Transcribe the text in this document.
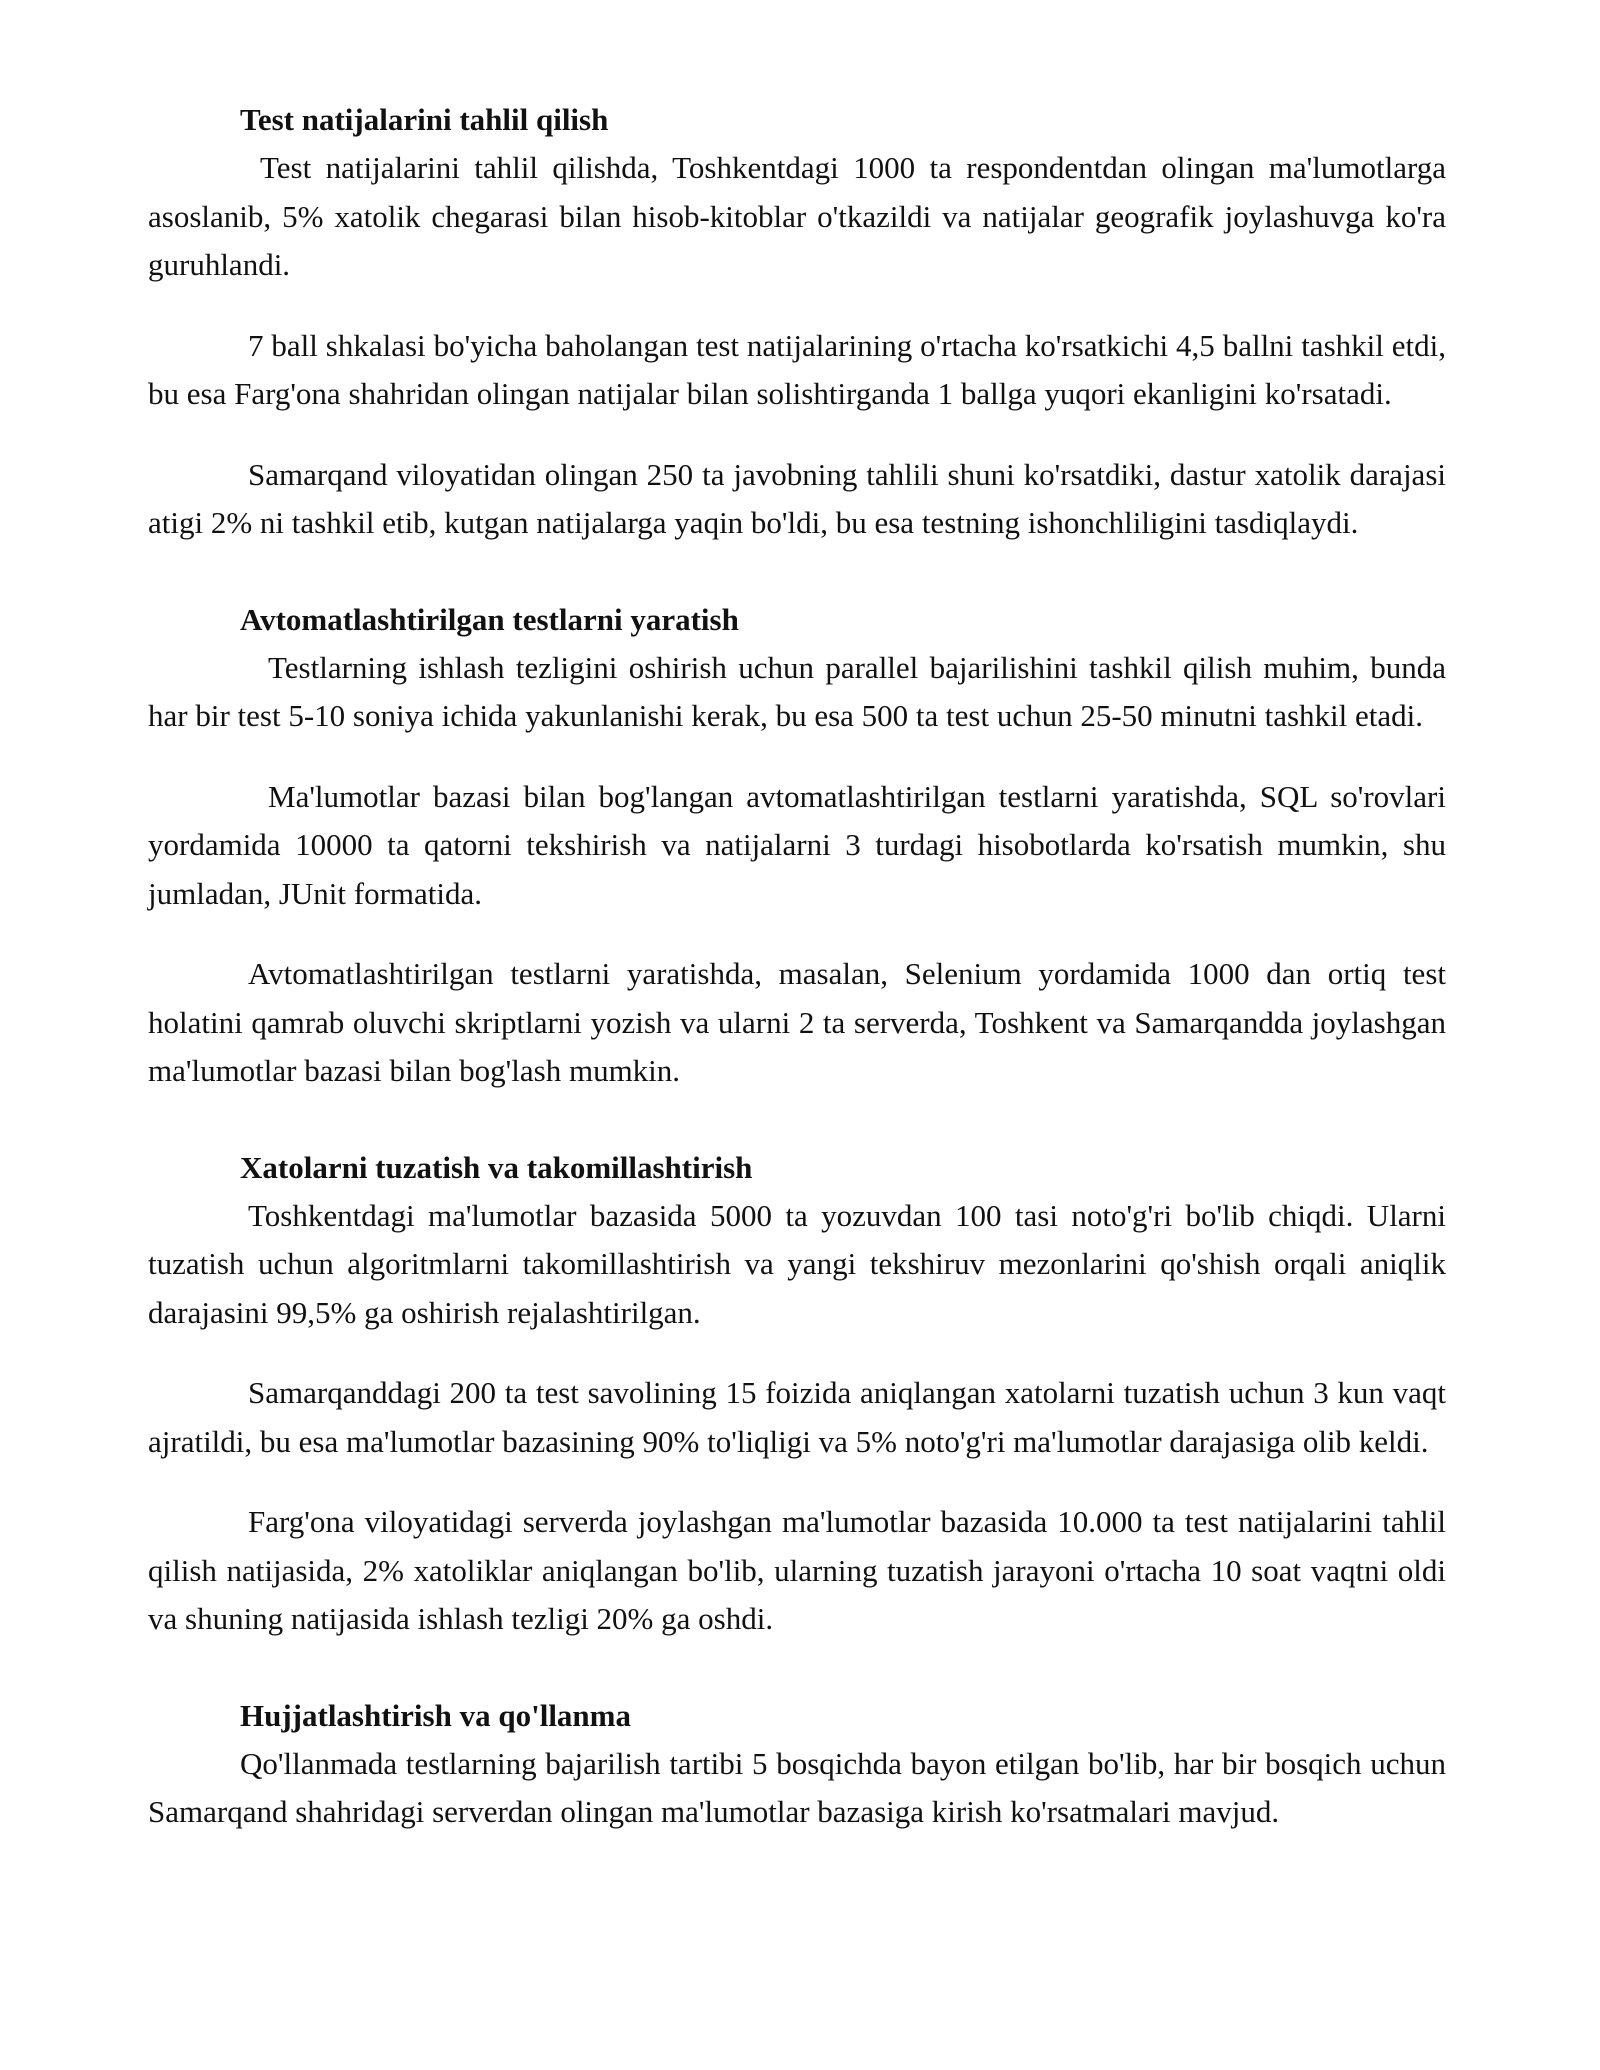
Test natijalarini tahlil qilish

Test natijalarini tahlil qilishda, Toshkentdagi 1000 ta respondentdan olingan ma'lumotlarga asoslanib, 5% xatolik chegarasi bilan hisob-kitoblar o'tkazildi va natijalar geografik joylashuvga ko'ra guruhlandi.

7 ball shkalasi bo'yicha baholangan test natijalarining o'rtacha ko'rsatkichi 4,5 ballni tashkil etdi, bu esa Farg'ona shahridan olingan natijalar bilan solishtirganda 1 ballga yuqori ekanligini ko'rsatadi.

Samarqand viloyatidan olingan 250 ta javobning tahlili shuni ko'rsatdiki, dastur xatolik darajasi atigi 2% ni tashkil etib, kutgan natijalarga yaqin bo'ldi, bu esa testning ishonchliligini tasdiqlaydi.

Avtomatlashtirilgan testlarni yaratish

Testlarning ishlash tezligini oshirish uchun parallel bajarilishini tashkil qilish muhim, bunda har bir test 5-10 soniya ichida yakunlanishi kerak, bu esa 500 ta test uchun 25-50 minutni tashkil etadi.

Ma'lumotlar bazasi bilan bog'langan avtomatlashtirilgan testlarni yaratishda, SQL so'rovlari yordamida 10000 ta qatorni tekshirish va natijalarni 3 turdagi hisobotlarda ko'rsatish mumkin, shu jumladan, JUnit formatida.

Avtomatlashtirilgan testlarni yaratishda, masalan, Selenium yordamida 1000 dan ortiq test holatini qamrab oluvchi skriptlarni yozish va ularni 2 ta serverda, Toshkent va Samarqandda joylashgan ma'lumotlar bazasi bilan bog'lash mumkin.

Xatolarni tuzatish va takomillashtirish

Toshkentdagi ma'lumotlar bazasida 5000 ta yozuvdan 100 tasi noto'g'ri bo'lib chiqdi. Ularni tuzatish uchun algoritmlarni takomillashtirish va yangi tekshiruv mezonlarini qo'shish orqali aniqlik darajasini 99,5% ga oshirish rejalashtirilgan.

Samarqanddagi 200 ta test savolining 15 foizida aniqlangan xatolarni tuzatish uchun 3 kun vaqt ajratildi, bu esa ma'lumotlar bazasining 90% to'liqligi va 5% noto'g'ri ma'lumotlar darajasiga olib keldi.

Farg'ona viloyatidagi serverda joylashgan ma'lumotlar bazasida 10.000 ta test natijalarini tahlil qilish natijasida, 2% xatoliklar aniqlangan bo'lib, ularning tuzatish jarayoni o'rtacha 10 soat vaqtni oldi va shuning natijasida ishlash tezligi 20% ga oshdi.

Hujjatlashtirish va qo'llanma

Qo'llanmada testlarning bajarilish tartibi 5 bosqichda bayon etilgan bo'lib, har bir bosqich uchun Samarqand shahridagi serverdan olingan ma'lumotlar bazasiga kirish ko'rsatmalari mavjud.
